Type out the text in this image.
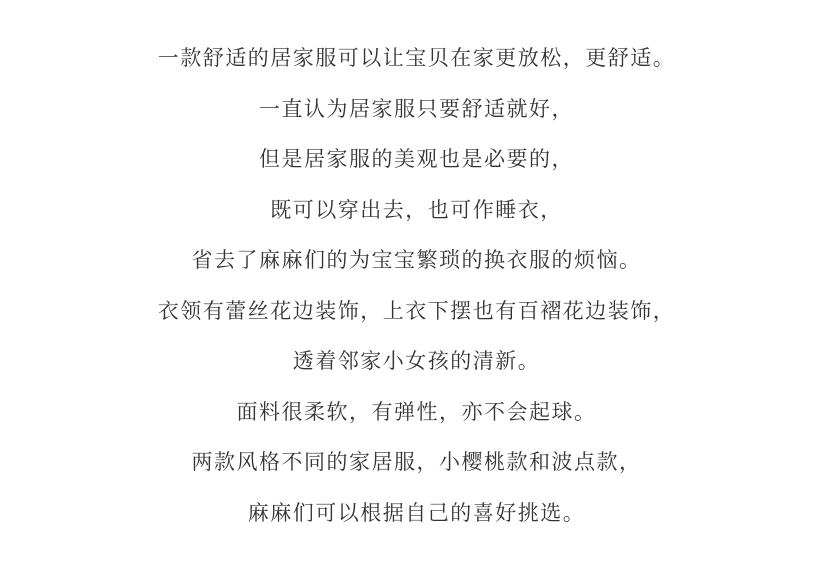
一款舒适的居家服可以让宝贝在家更放松，更舒适。
一直认为居家服只要舒适就好，
但是居家服的美观也是必要的，
既可以穿出去，也可作睡衣，
省去了麻麻们的为宝宝繁琐的换衣服的烦恼。
衣领有蕾丝花边装饰，上衣下摆也有百褶花边装饰，
透着邻家小女孩的清新。
面料很柔软，有弹性，亦不会起球。
两款风格不同的家居服，小樱桃款和波点款，
麻麻们可以根据自己的喜好挑选。
